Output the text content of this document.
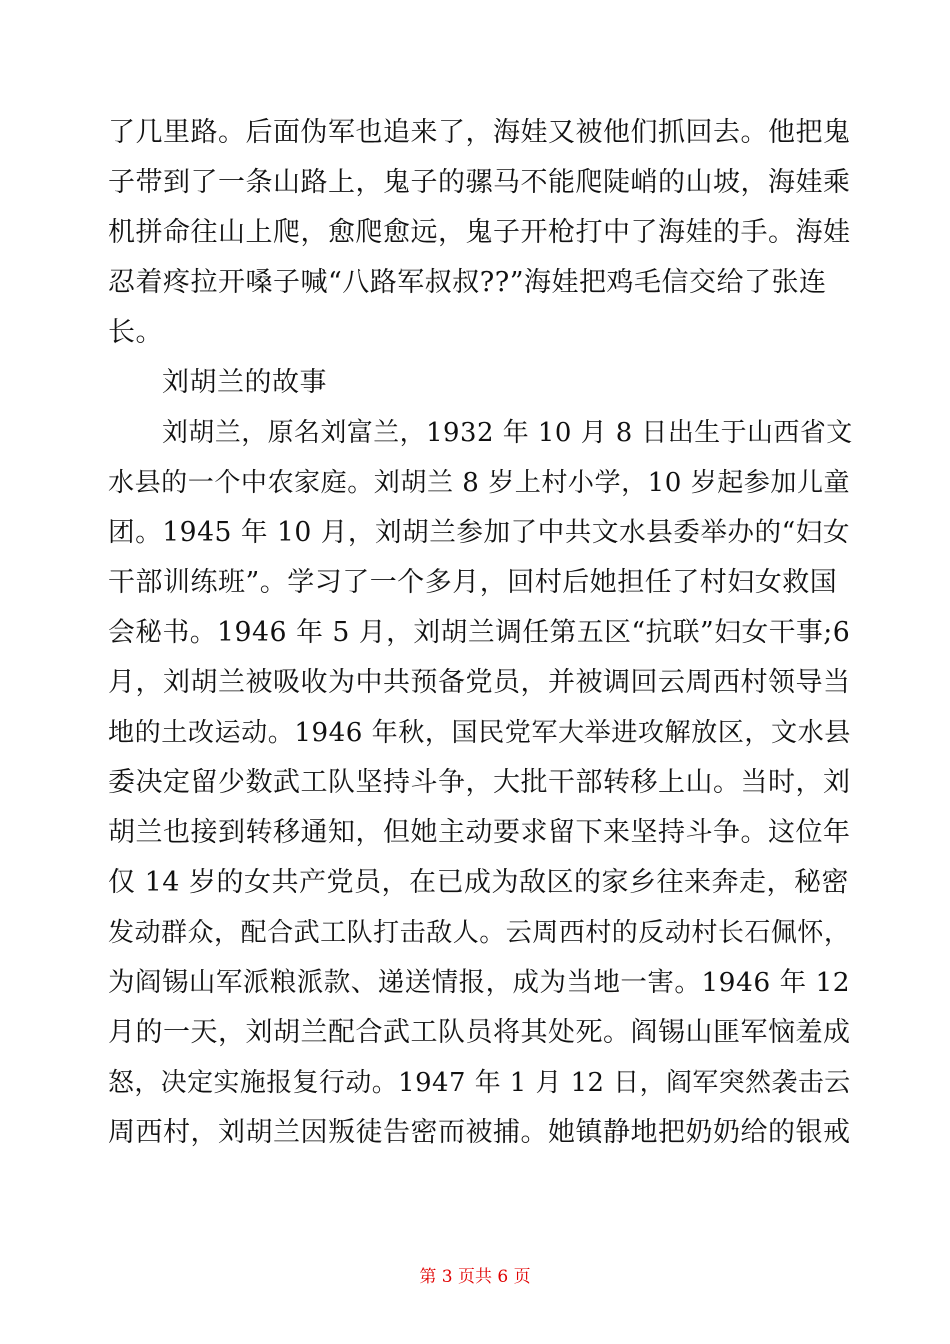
了几里路。后面伪军也追来了，海娃又被他们抓回去。他把鬼
子带到了一条山路上，鬼子的骡马不能爬陡峭的山坡，海娃乘
机拼命往山上爬，愈爬愈远，鬼子开枪打中了海娃的手。海娃
忍着疼拉开嗓子喊“八路军叔叔??”海娃把鸡毛信交给了张连
长。
刘胡兰的故事
刘胡兰，原名刘富兰，1932 年 10 月 8 日出生于山西省文
水县的一个中农家庭。刘胡兰 8 岁上村小学，10 岁起参加儿童
团。1945 年 10 月，刘胡兰参加了中共文水县委举办的“妇女
干部训练班”。学习了一个多月，回村后她担任了村妇女救国
会秘书。1946 年 5 月，刘胡兰调任第五区“抗联”妇女干事;6
月，刘胡兰被吸收为中共预备党员，并被调回云周西村领导当
地的土改运动。1946 年秋，国民党军大举进攻解放区，文水县
委决定留少数武工队坚持斗争，大批干部转移上山。当时，刘
胡兰也接到转移通知，但她主动要求留下来坚持斗争。这位年
仅 14 岁的女共产党员，在已成为敌区的家乡往来奔走，秘密
发动群众，配合武工队打击敌人。云周西村的反动村长石佩怀，
为阎锡山军派粮派款、递送情报，成为当地一害。1946 年 12
月的一天，刘胡兰配合武工队员将其处死。阎锡山匪军恼羞成
怒，决定实施报复行动。1947 年 1 月 12 日，阎军突然袭击云
周西村，刘胡兰因叛徒告密而被捕。她镇静地把奶奶给的银戒
第 3 页共 6 页
